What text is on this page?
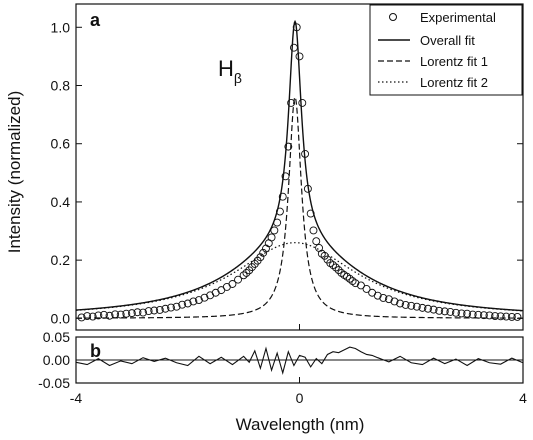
a
$H_\beta$
Intensity (normalized)
0.0
0.2
0.4
0.6
0.8
1.0
Experimental
Overall fit
Lorentz fit 1
Lorentz fit 2
b
-0.05
0.00
0.05
-4	0	4
Wavelength (nm)
